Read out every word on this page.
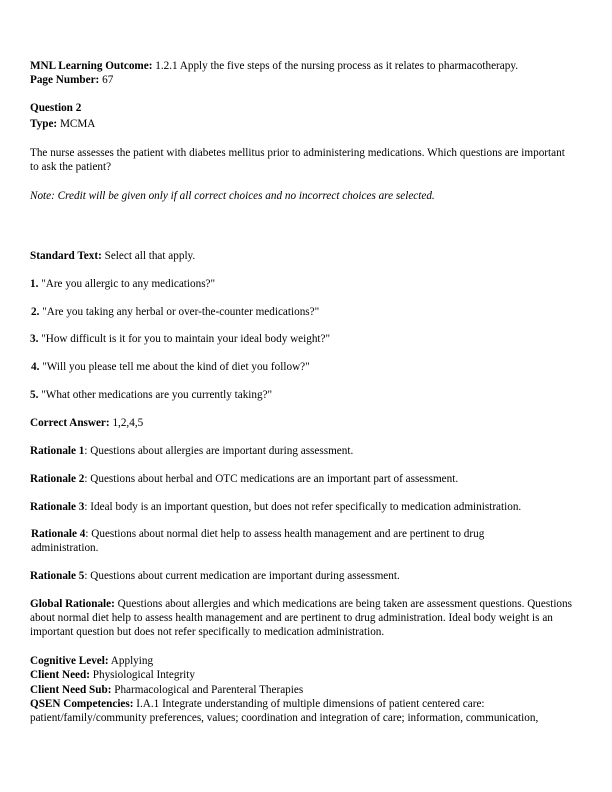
MNL Learning Outcome: 1.2.1 Apply the five steps of the nursing process as it relates to pharmacotherapy.
Page Number: 67
Question 2
Type: MCMA
The nurse assesses the patient with diabetes mellitus prior to administering medications. Which questions are important to ask the patient?
Note: Credit will be given only if all correct choices and no incorrect choices are selected.
Standard Text: Select all that apply.
1. "Are you allergic to any medications?"
2. "Are you taking any herbal or over-the-counter medications?"
3. "How difficult is it for you to maintain your ideal body weight?"
4. "Will you please tell me about the kind of diet you follow?"
5. "What other medications are you currently taking?"
Correct Answer: 1,2,4,5
Rationale 1: Questions about allergies are important during assessment.
Rationale 2: Questions about herbal and OTC medications are an important part of assessment.
Rationale 3: Ideal body is an important question, but does not refer specifically to medication administration.
Rationale 4: Questions about normal diet help to assess health management and are pertinent to drug administration.
Rationale 5: Questions about current medication are important during assessment.
Global Rationale: Questions about allergies and which medications are being taken are assessment questions. Questions about normal diet help to assess health management and are pertinent to drug administration. Ideal body weight is an important question but does not refer specifically to medication administration.
Cognitive Level: Applying
Client Need: Physiological Integrity
Client Need Sub: Pharmacological and Parenteral Therapies
QSEN Competencies: I.A.1 Integrate understanding of multiple dimensions of patient centered care:
patient/family/community preferences, values; coordination and integration of care; information, communication,
